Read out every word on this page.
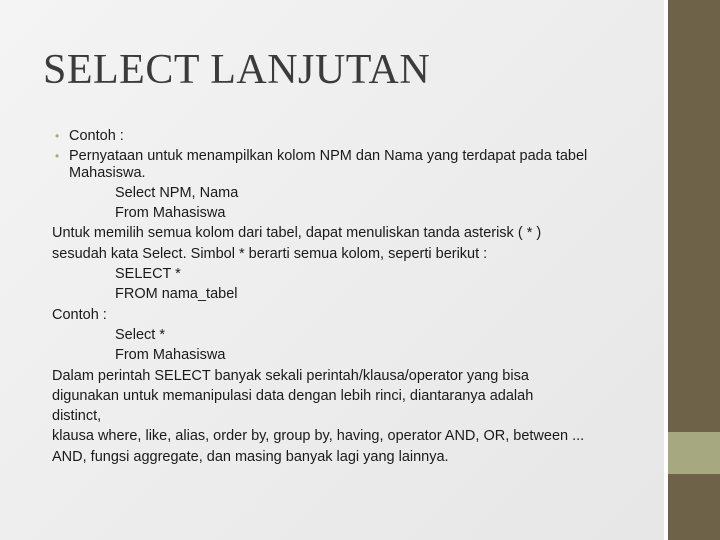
SELECT LANJUTAN

• Contoh :

• Pernyataan untuk menampilkan kolom NPM dan Nama yang terdapat pada tabel

Mahasiswa.

Select NPM, Nama

From Mahasiswa

Untuk memilih semua kolom dari tabel, dapat menuliskan tanda asterisk ( * )

sesudah kata Select. Simbol * berarti semua kolom, seperti berikut :

SELECT *

FROM nama_tabel

Contoh :

Select *

From Mahasiswa

Dalam perintah SELECT banyak sekali perintah/klausa/operator yang bisa

digunakan untuk memanipulasi data dengan lebih rinci, diantaranya adalah

distinct,

klausa where, like, alias, order by, group by, having, operator AND, OR, between ...

AND, fungsi aggregate, dan masing banyak lagi yang lainnya.
